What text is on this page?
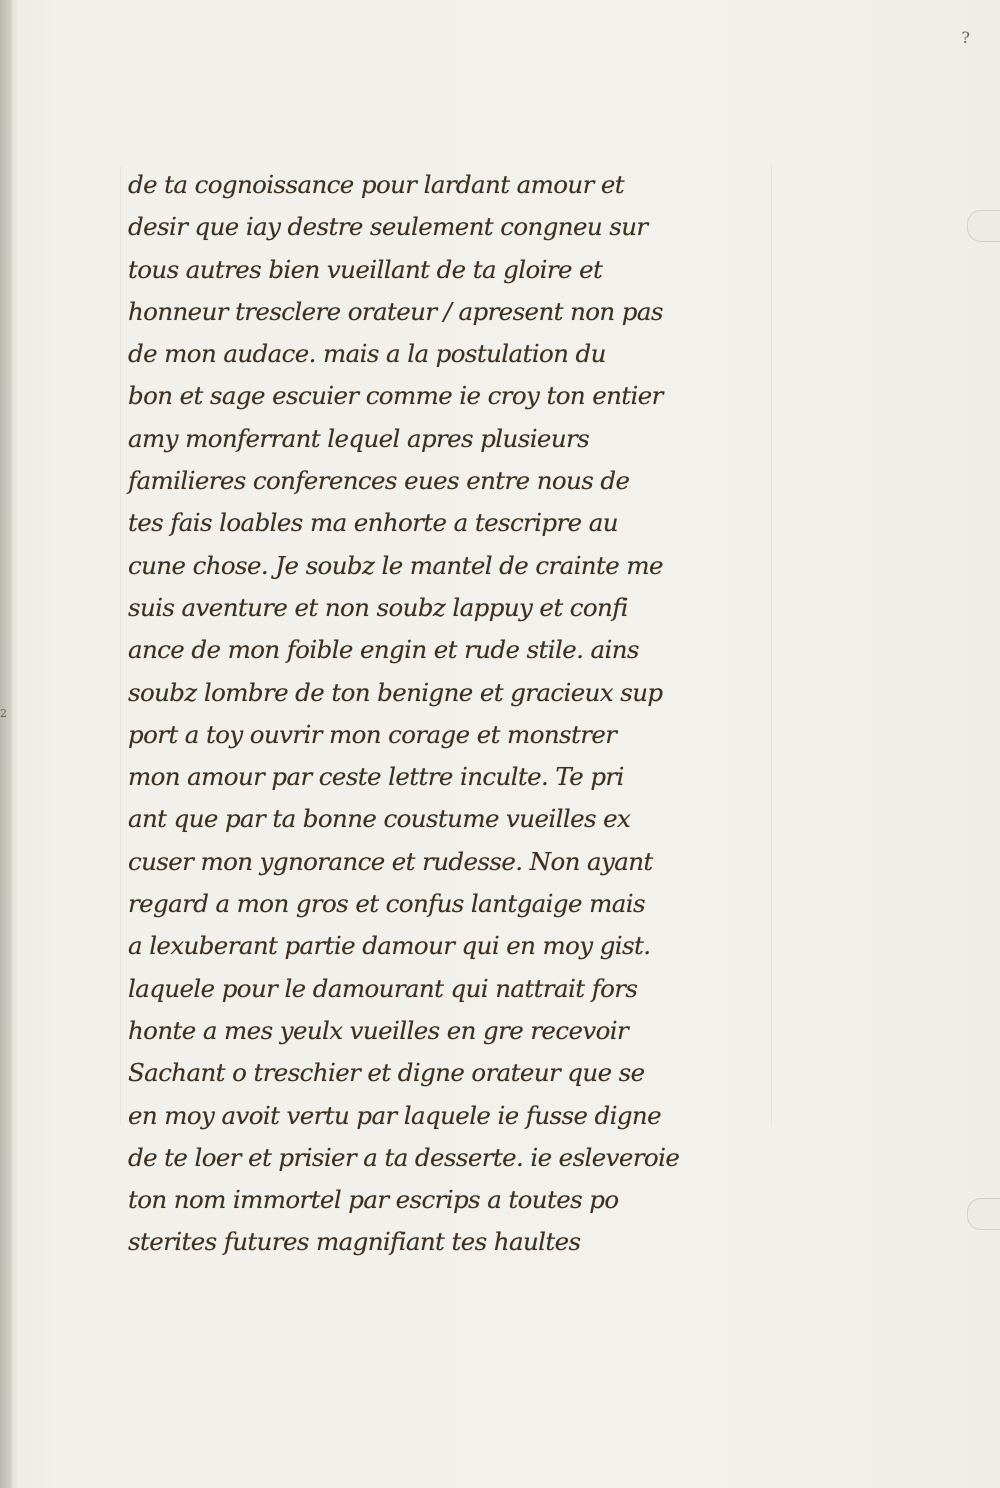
?
2
de ta cognoissance pour lardant amour et
desir que iay destre seulement congneu sur
tous autres bien vueillant de ta gloire et
honneur tresclere orateur / apresent non pas
de mon audace. mais a la postulation du
bon et sage escuier comme ie croy ton entier
amy monferrant lequel apres plusieurs
familieres conferences eues entre nous de
tes fais loables ma enhorte a tescripre au
cune chose. Je soubz le mantel de crainte me
suis aventure et non soubz lappuy et confi
ance de mon foible engin et rude stile. ains
soubz lombre de ton benigne et gracieux sup
port a toy ouvrir mon corage et monstrer
mon amour par ceste lettre inculte. Te pri
ant que par ta bonne coustume vueilles ex
cuser mon ygnorance et rudesse. Non ayant
regard a mon gros et confus lantgaige mais
a lexuberant partie damour qui en moy gist.
laquele pour le damourant qui nattrait fors
honte a mes yeulx vueilles en gre recevoir
Sachant o treschier et digne orateur que se
en moy avoit vertu par laquele ie fusse digne
de te loer et prisier a ta desserte. ie esleveroie
ton nom immortel par escrips a toutes po
sterites futures magnifiant tes haultes
